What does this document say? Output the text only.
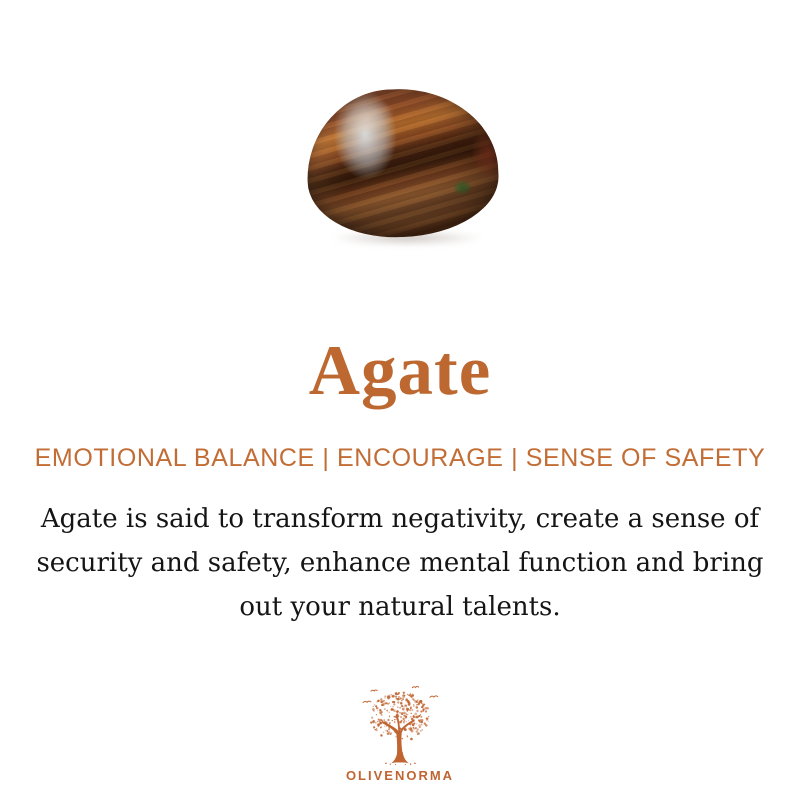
Agate
EMOTIONAL BALANCE | ENCOURAGE | SENSE OF SAFETY
Agate is said to transform negativity, create a sense of
security and safety, enhance mental function and bring
out your natural talents.
OLIVENORMA
